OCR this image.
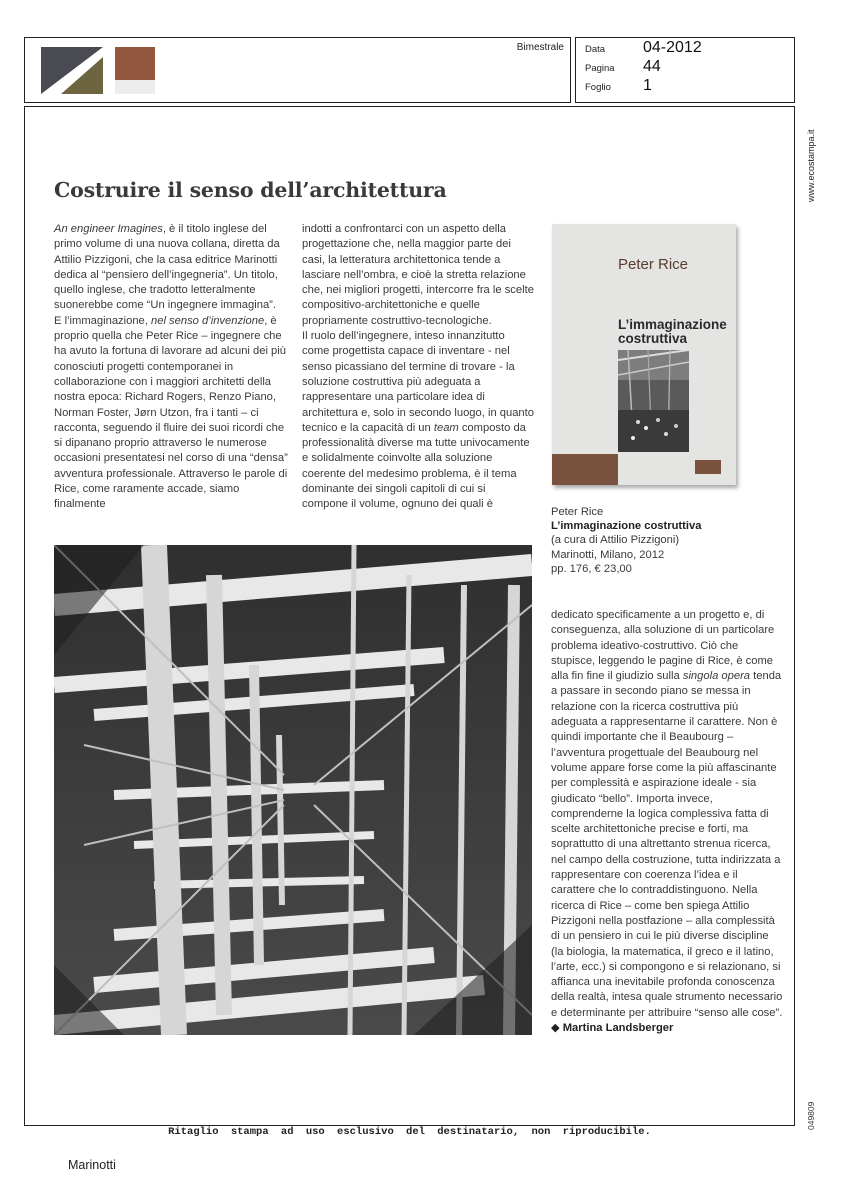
Bimestrale Data 04-2012
Pagina 44
Foglio 1
www.ecostampa.it
049809
Costruire il senso dell’architettura
An engineer Imagines, è il titolo inglese del primo volume di una nuova collana, diretta da Attilio Pizzigoni, che la casa editrice Marinotti dedica al “pensiero dell’ingegneria”. Un titolo, quello inglese, che tradotto letteralmente suonerebbe come “Un ingegnere immagina”.
E l’immaginazione, nel senso d’invenzione, è proprio quella che Peter Rice – ingegnere che ha avuto la fortuna di lavorare ad alcuni dei più conosciuti progetti contemporanei in collaborazione con i maggiori architetti della nostra epoca: Richard Rogers, Renzo Piano, Norman Foster, Jørn Utzon, fra i tanti – ci racconta, seguendo il fluire dei suoi ricordi che si dipanano proprio attraverso le numerose occasioni presentatesi nel corso di una “densa” avventura professionale. Attraverso le parole di Rice, come raramente accade, siamo finalmente
indotti a confrontarci con un aspetto della progettazione che, nella maggior parte dei casi, la letteratura architettonica tende a lasciare nell’ombra, e cioè la stretta relazione che, nei migliori progetti, intercorre fra le scelte compositivo-architettoniche e quelle propriamente costruttivo-tecnologiche.
Il ruolo dell’ingegnere, inteso innanzitutto come progettista capace di inventare - nel senso picassiano del termine di trovare - la soluzione costruttiva più adeguata a rappresentare una particolare idea di architettura e, solo in secondo luogo, in quanto tecnico e la capacità di un team composto da professionalità diverse ma tutte univocamente e solidalmente coinvolte alla soluzione coerente del medesimo problema, è il tema dominante dei singoli capitoli di cui si compone il volume, ognuno dei quali è
dedicato specificamente a un progetto e, di conseguenza, alla soluzione di un particolare problema ideativo-costruttivo. Ciò che stupisce, leggendo le pagine di Rice, è come alla fin fine il giudizio sulla singola opera tenda a passare in secondo piano se messa in relazione con la ricerca costruttiva più adeguata a rappresentarne il carattere. Non è quindi importante che il Beaubourg – l’avventura progettuale del Beaubourg nel volume appare forse come la più affascinante per complessità e aspirazione ideale - sia giudicato “bello”. Importa invece, comprenderne la logica complessiva fatta di scelte architettoniche precise e forti, ma soprattutto di una altrettanto strenua ricerca, nel campo della costruzione, tutta indirizzata a rappresentare con coerenza l’idea e il carattere che lo contraddistinguono. Nella ricerca di Rice – come ben spiega Attilio Pizzigoni nella postfazione – alla complessità di un pensiero in cui le più diverse discipline (la biologia, la matematica, il greco e il latino, l’arte, ecc.) si compongono e si relazionano, si affianca una inevitabile profonda conoscenza della realtà, intesa quale strumento necessario e determinante per attribuire “senso alle cose”. ◆ Martina Landsberger
Peter Rice
L’immaginazione costruttiva
Peter Rice
L’immaginazione costruttiva
(a cura di Attilio Pizzigoni)
Marinotti, Milano, 2012
pp. 176, € 23,00
Ritaglio stampa ad uso esclusivo del destinatario, non riproducibile.
Marinotti
